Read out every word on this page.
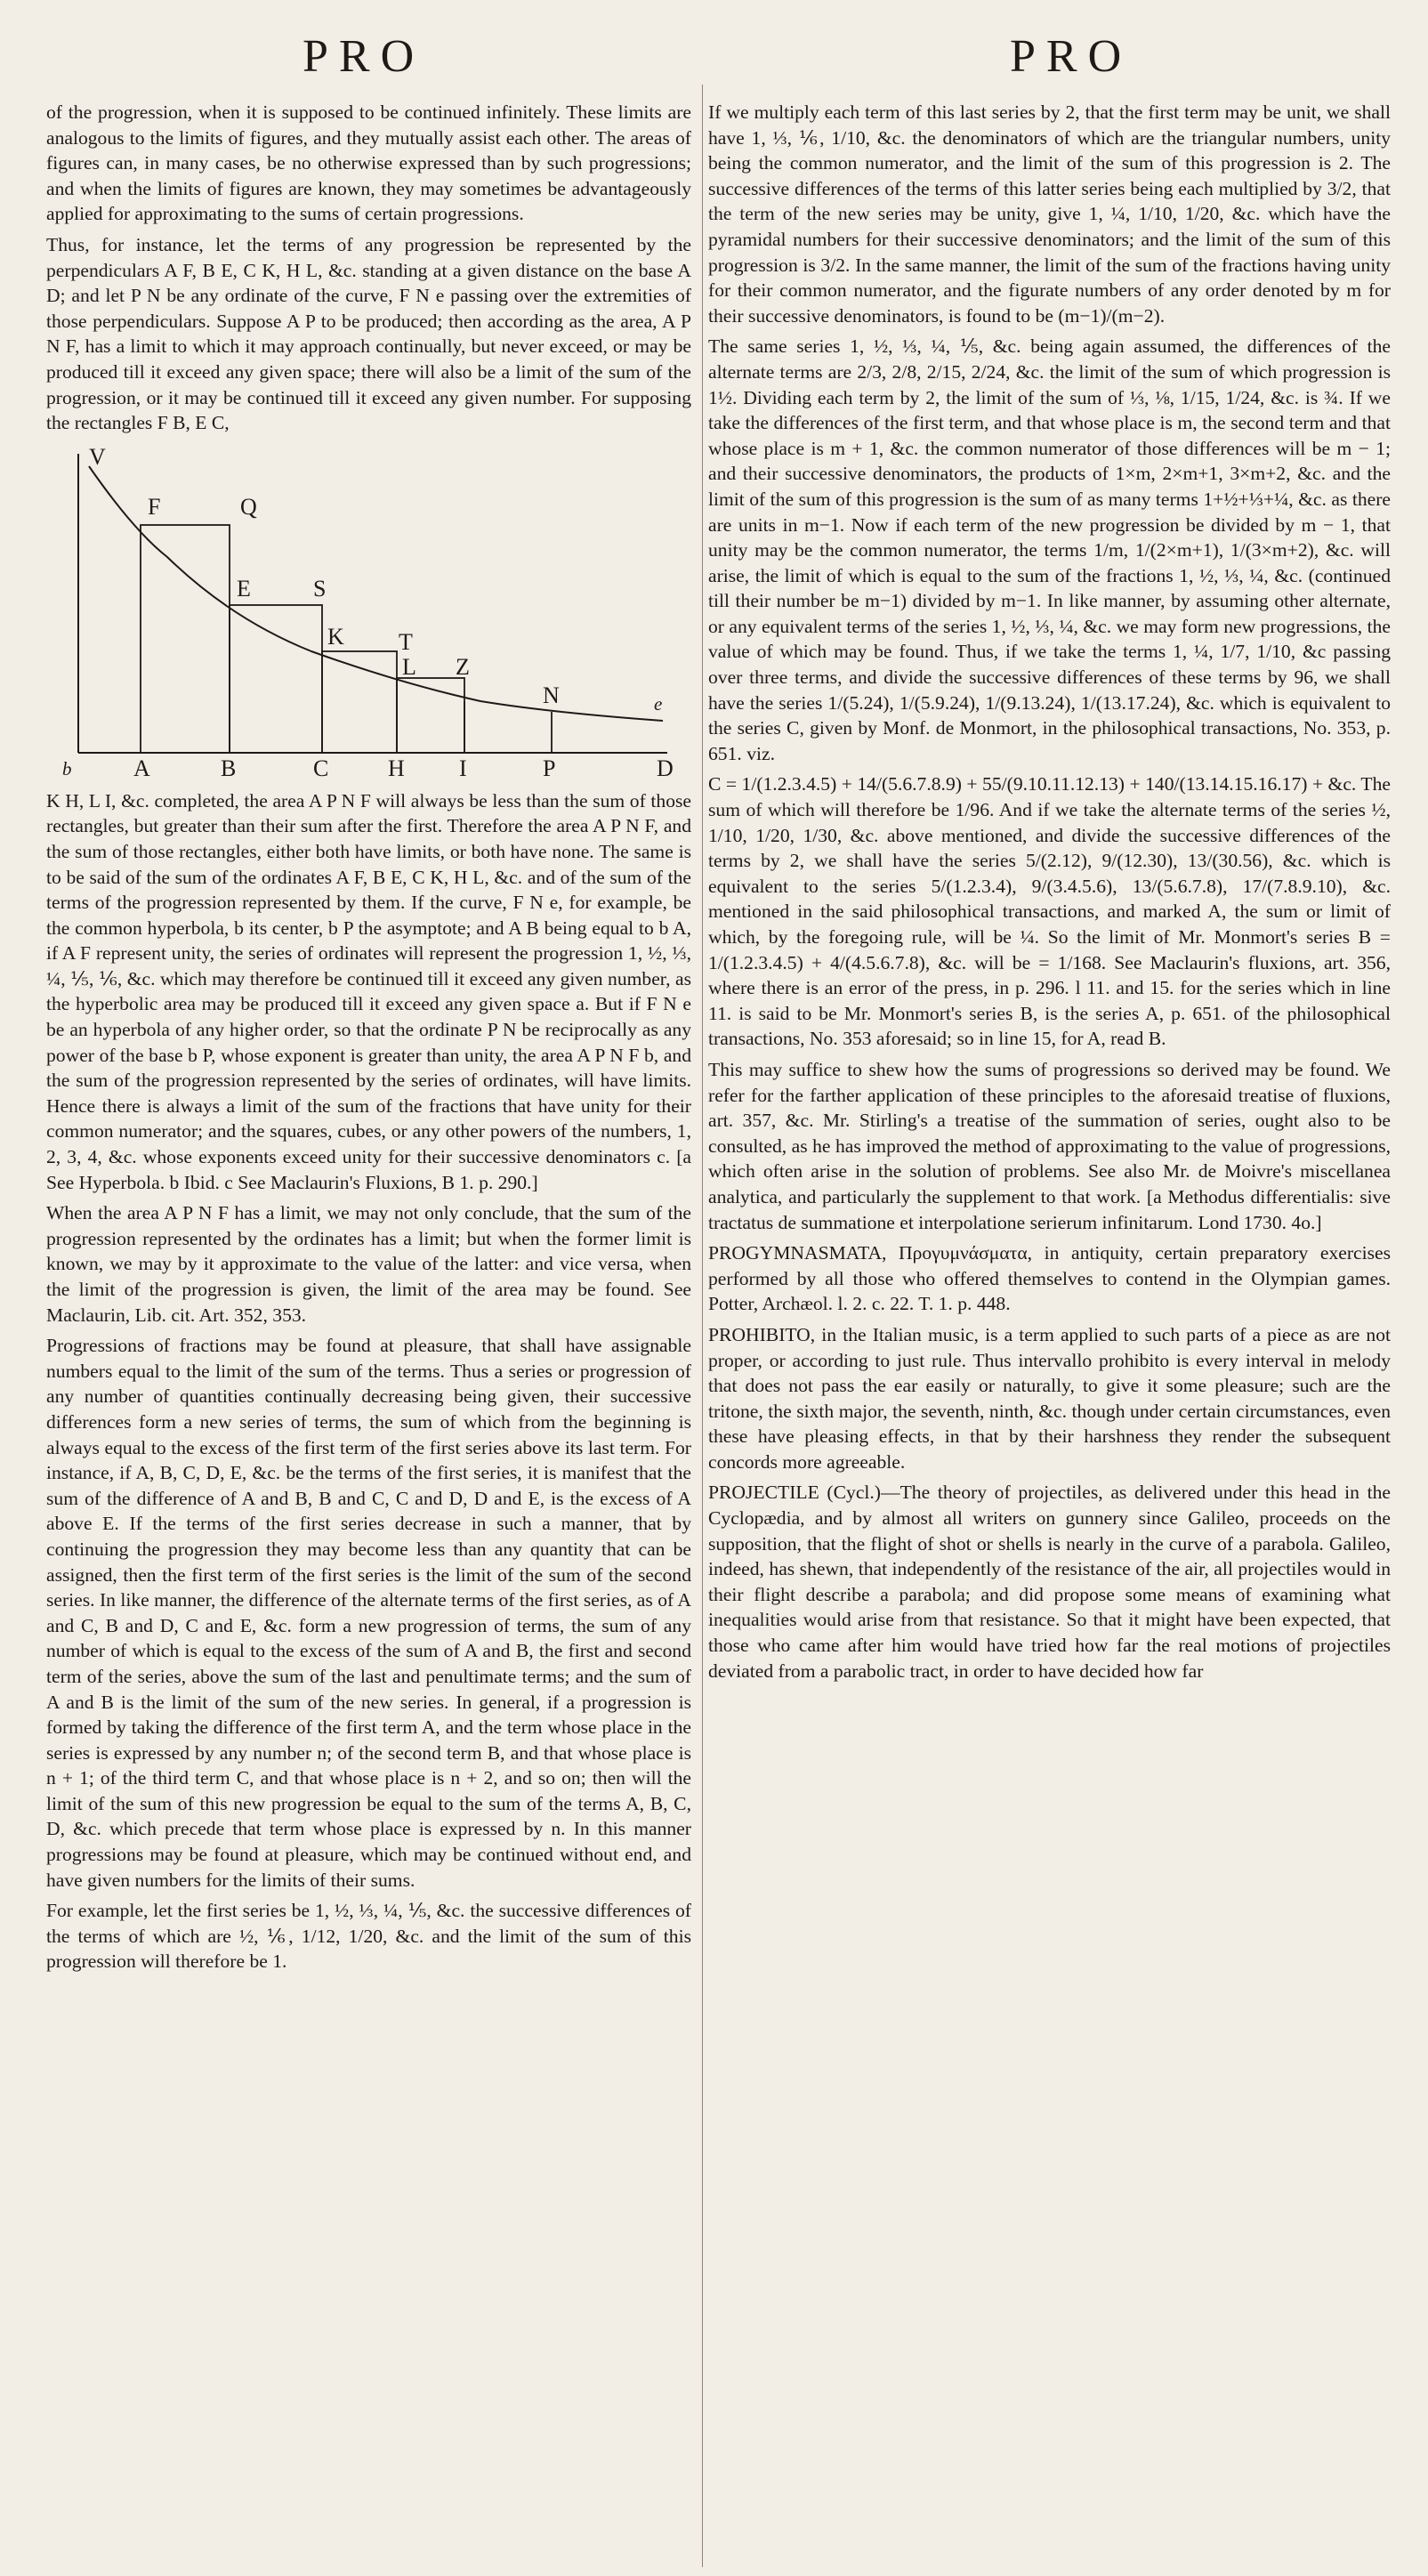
PRO	PRO

of the progression, when it is supposed to be continued infinitely. These limits are analogous to the limits of figures, and they mutually assist each other. The areas of figures can, in many cases, be no otherwise expressed than by such progressions; and when the limits of figures are known, they may sometimes be advantageously applied for approximating to the sums of certain progressions.

Thus, for instance, let the terms of any progression be represented by the perpendiculars A F, B E, C K, H L, &c. standing at a given distance on the base A D; and let P N be any ordinate of the curve, F N e passing over the extremities of those perpendiculars. Suppose A P to be produced; then according as the area, A P N F, has a limit to which it may approach continually, but never exceed, or may be produced till it exceed any given space; there will also be a limit of the sum of the progression, or it may be continued till it exceed any given number. For supposing the rectangles F B, E C,

V
F	Q
E	S
K T
L Z
N	e
b	A	B	C	H I	P	D

K H, L I, &c. completed, the area A P N F will always be less than the sum of those rectangles, but greater than their sum after the first. Therefore the area A P N F, and the sum of those rectangles, either both have limits, or both have none. The same is to be said of the sum of the ordinates A F, B E, C K, H L, &c. and of the sum of the terms of the progression represented by them. If the curve, F N e, for example, be the common hyperbola, b its center, b P the asymptote; and A B being equal to b A, if A F represent unity, the series of ordinates will represent the progression 1, ½, ⅓, ¼, ⅕, ⅙, &c. which may therefore be continued till it exceed any given number, as the hyperbolic area may be produced till it exceed any given space a. But if F N e be an hyperbola of any higher order, so that the ordinate P N be reciprocally as any power of the base b P, whose exponent is greater than unity, the area A P N F b, and the sum of the progression represented by the series of ordinates, will have limits. Hence there is always a limit of the sum of the fractions that have unity for their common numerator; and the squares, cubes, or any other powers of the numbers, 1, 2, 3, 4, &c. whose exponents exceed unity for their successive denominators c. [a See Hyperbola. b Ibid. c See Maclaurin's Fluxions, B 1. p. 290.]

When the area A P N F has a limit, we may not only conclude, that the sum of the progression represented by the ordinates has a limit; but when the former limit is known, we may by it approximate to the value of the latter: and vice versa, when the limit of the progression is given, the limit of the area may be found. See Maclaurin, Lib. cit. Art. 352, 353.

Progressions of fractions may be found at pleasure, that shall have assignable numbers equal to the limit of the sum of the terms. Thus a series or progression of any number of quantities continually decreasing being given, their successive differences form a new series of terms, the sum of which from the beginning is always equal to the excess of the first term of the first series above its last term. For instance, if A, B, C, D, E, &c. be the terms of the first series, it is manifest that the sum of the difference of A and B, B and C, C and D, D and E, is the excess of A above E. If the terms of the first series decrease in such a manner, that by continuing the progression they may become less than any quantity that can be assigned, then the first term of the first series is the limit of the sum of the second series. In like manner, the difference of the alternate terms of the first series, as of A and C, B and D, C and E, &c. form a new progression of terms, the sum of any number of which is equal to the excess of the sum of A and B, the first and second term of the series, above the sum of the last and penultimate terms; and the sum of A and B is the limit of the sum of the new series. In general, if a progression is formed by taking the difference of the first term A, and the term whose place in the series is expressed by any number n; of the second term B, and that whose place is n + 1; of the third term C, and that whose place is n + 2, and so on; then will the limit of the sum of this new progression be equal to the sum of the terms A, B, C, D, &c. which precede that term whose place is expressed by n. In this manner progressions may be found at pleasure, which may be continued without end, and have given numbers for the limits of their sums.

For example, let the first series be 1, ½, ⅓, ¼, ⅕, &c. the successive differences of the terms of which are ½, ⅙, 1/12, 1/20, &c. and the limit of the sum of this progression will therefore be 1.

If we multiply each term of this last series by 2, that the first term may be unit, we shall have 1, ⅓, ⅙, 1/10, &c. the denominators of which are the triangular numbers, unity being the common numerator, and the limit of the sum of this progression is 2. The successive differences of the terms of this latter series being each multiplied by 3/2, that the term of the new series may be unity, give 1, ¼, 1/10, 1/20, &c. which have the pyramidal numbers for their successive denominators; and the limit of the sum of this progression is 3/2. In the same manner, the limit of the sum of the fractions having unity for their common numerator, and the figurate numbers of any order denoted by m for their successive denominators, is found to be (m−1)/(m−2).

The same series 1, ½, ⅓, ¼, ⅕, &c. being again assumed, the differences of the alternate terms are 2/3, 2/8, 2/15, 2/24, &c. the limit of the sum of which progression is 1½. Dividing each term by 2, the limit of the sum of ⅓, ⅛, 1/15, 1/24, &c. is ¾. If we take the differences of the first term, and that whose place is m, the second term and that whose place is m + 1, &c. the common numerator of those differences will be m − 1; and their successive denominators, the products of 1×m, 2×m+1, 3×m+2, &c. and the limit of the sum of this progression is the sum of as many terms 1+½+⅓+¼, &c. as there are units in m−1. Now if each term of the new progression be divided by m − 1, that unity may be the common numerator, the terms 1/m, 1/(2×m+1), 1/(3×m+2), &c. will arise, the limit of which is equal to the sum of the fractions 1, ½, ⅓, ¼, &c. (continued till their number be m−1) divided by m−1. In like manner, by assuming other alternate, or any equivalent terms of the series 1, ½, ⅓, ¼, &c. we may form new progressions, the value of which may be found. Thus, if we take the terms 1, ¼, 1/7, 1/10, &c passing over three terms, and divide the successive differences of these terms by 96, we shall have the series 1/(5.24), 1/(5.9.24), 1/(9.13.24), 1/(13.17.24), &c. which is equivalent to the series C, given by Monf. de Monmort, in the philosophical transactions, No. 353, p. 651. viz.

C = 1/(1.2.3.4.5) + 14/(5.6.7.8.9) + 55/(9.10.11.12.13) + 140/(13.14.15.16.17) + &c. The sum of which will therefore be 1/96. And if we take the alternate terms of the series ½, 1/10, 1/20, 1/30, &c. above mentioned, and divide the successive differences of the terms by 2, we shall have the series 5/(2.12), 9/(12.30), 13/(30.56), &c. which is equivalent to the series 5/(1.2.3.4), 9/(3.4.5.6), 13/(5.6.7.8), 17/(7.8.9.10), &c. mentioned in the said philosophical transactions, and marked A, the sum or limit of which, by the foregoing rule, will be ¼. So the limit of Mr. Monmort's series B = 1/(1.2.3.4.5) + 4/(4.5.6.7.8), &c. will be = 1/168. See Maclaurin's fluxions, art. 356, where there is an error of the press, in p. 296. l 11. and 15. for the series which in line 11. is said to be Mr. Monmort's series B, is the series A, p. 651. of the philosophical transactions, No. 353 aforesaid; so in line 15, for A, read B.

This may suffice to shew how the sums of progressions so derived may be found. We refer for the farther application of these principles to the aforesaid treatise of fluxions, art. 357, &c. Mr. Stirling's a treatise of the summation of series, ought also to be consulted, as he has improved the method of approximating to the value of progressions, which often arise in the solution of problems. See also Mr. de Moivre's miscellanea analytica, and particularly the supplement to that work. [a Methodus differentialis: sive tractatus de summatione et interpolatione serierum infinitarum. Lond 1730. 4o.]

PROGYMNASMATA, Προγυμνάσματα, in antiquity, certain preparatory exercises performed by all those who offered themselves to contend in the Olympian games. Potter, Archæol. l. 2. c. 22. T. 1. p. 448.

PROHIBITO, in the Italian music, is a term applied to such parts of a piece as are not proper, or according to just rule. Thus intervallo prohibito is every interval in melody that does not pass the ear easily or naturally, to give it some pleasure; such are the tritone, the sixth major, the seventh, ninth, &c. though under certain circumstances, even these have pleasing effects, in that by their harshness they render the subsequent concords more agreeable.

PROJECTILE (Cycl.)—The theory of projectiles, as delivered under this head in the Cyclopædia, and by almost all writers on gunnery since Galileo, proceeds on the supposition, that the flight of shot or shells is nearly in the curve of a parabola. Galileo, indeed, has shewn, that independently of the resistance of the air, all projectiles would in their flight describe a parabola; and did propose some means of examining what inequalities would arise from that resistance. So that it might have been expected, that those who came after him would have tried how far the real motions of projectiles deviated from a parabolic tract, in order to have decided how far
